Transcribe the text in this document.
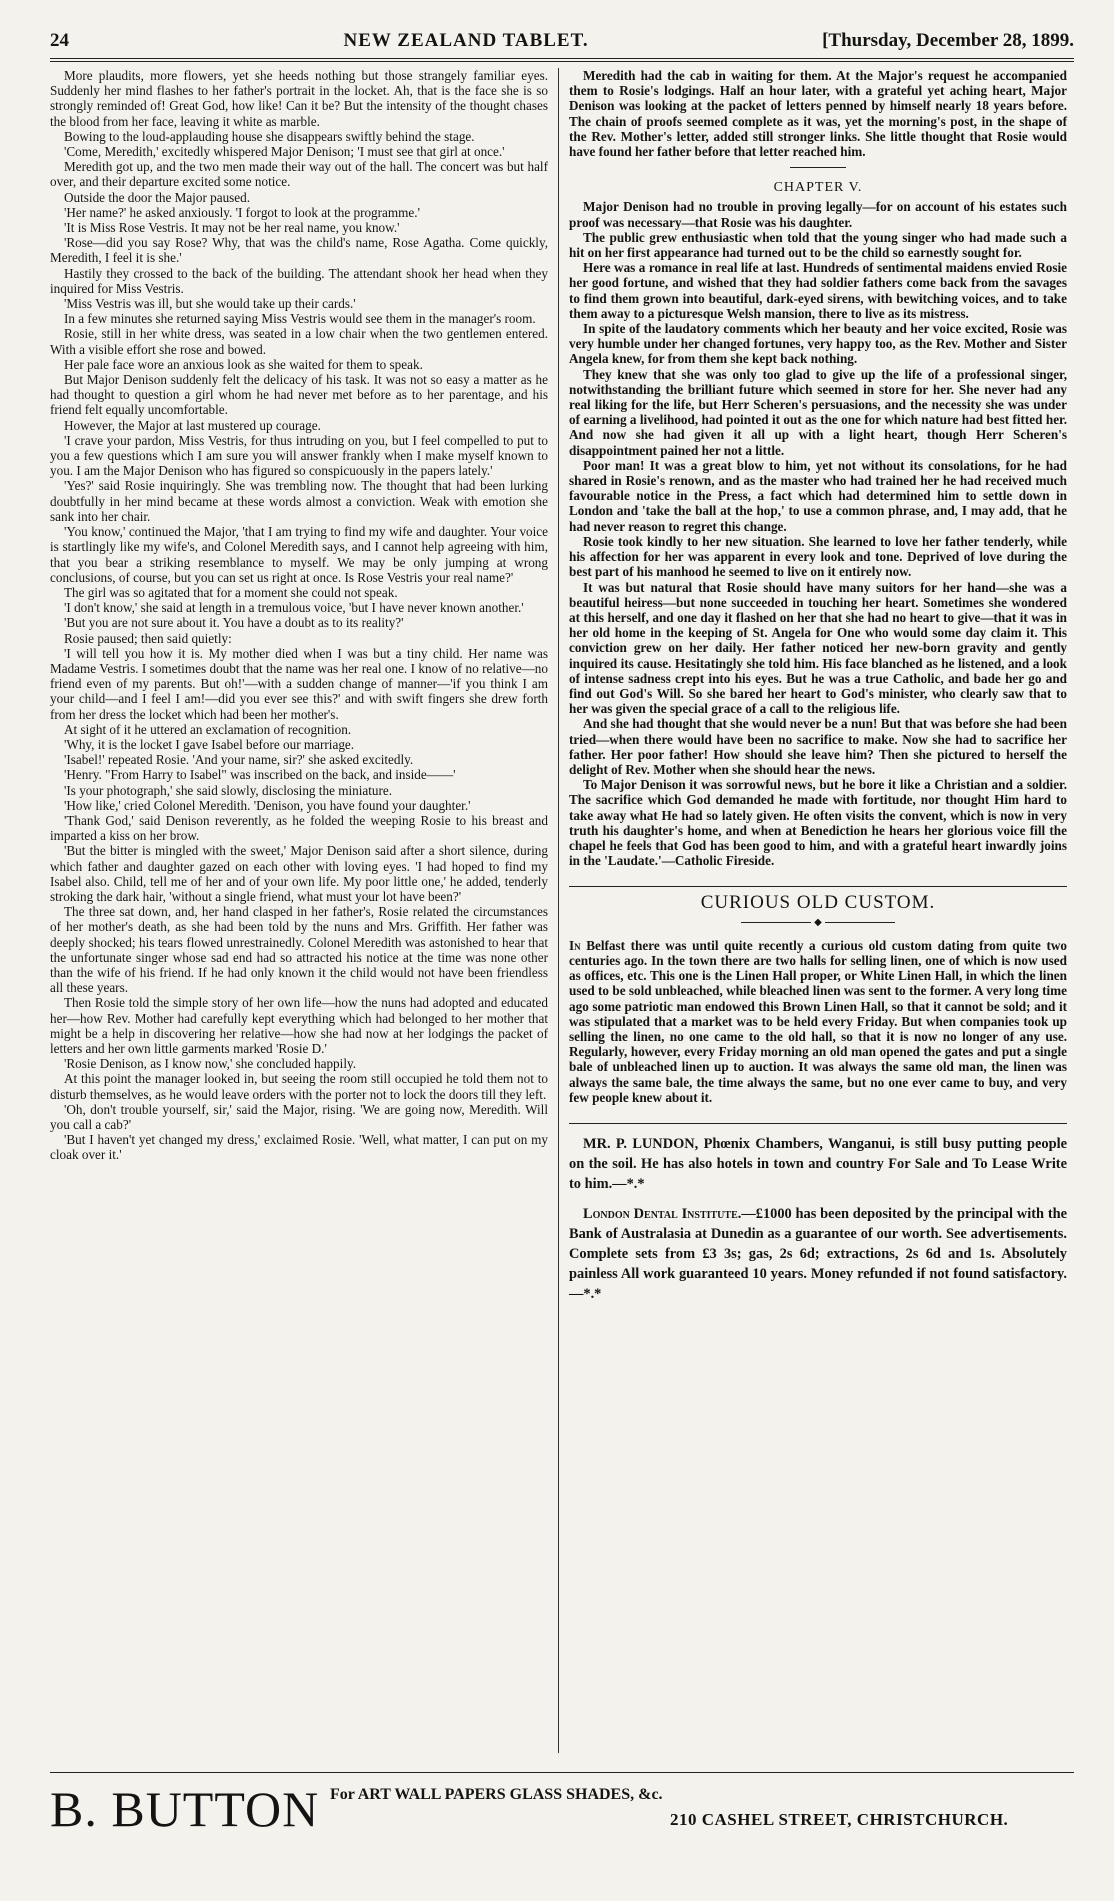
24	NEW ZEALAND TABLET.	[Thursday, December 28, 1899.

More plaudits, more flowers, yet she heeds nothing but those strangely familiar eyes. Suddenly her mind flashes to her father's portrait in the locket. Ah, that is the face she is so strongly reminded of! Great God, how like! Can it be? But the intensity of the thought chases the blood from her face, leaving it white as marble.

Bowing to the loud-applauding house she disappears swiftly behind the stage.

'Come, Meredith,' excitedly whispered Major Denison; 'I must see that girl at once.'

Meredith got up, and the two men made their way out of the hall. The concert was but half over, and their departure excited some notice.

Outside the door the Major paused.

'Her name?' he asked anxiously. 'I forgot to look at the programme.'

'It is Miss Rose Vestris. It may not be her real name, you know.'

'Rose—did you say Rose? Why, that was the child's name, Rose Agatha. Come quickly, Meredith, I feel it is she.'

Hastily they crossed to the back of the building. The attendant shook her head when they inquired for Miss Vestris.

'Miss Vestris was ill, but she would take up their cards.'

In a few minutes she returned saying Miss Vestris would see them in the manager's room.

Rosie, still in her white dress, was seated in a low chair when the two gentlemen entered. With a visible effort she rose and bowed.

Her pale face wore an anxious look as she waited for them to speak.

But Major Denison suddenly felt the delicacy of his task. It was not so easy a matter as he had thought to question a girl whom he had never met before as to her parentage, and his friend felt equally uncomfortable.

However, the Major at last mustered up courage.

'I crave your pardon, Miss Vestris, for thus intruding on you, but I feel compelled to put to you a few questions which I am sure you will answer frankly when I make myself known to you. I am the Major Denison who has figured so conspicuously in the papers lately.'

'Yes?' said Rosie inquiringly. She was trembling now. The thought that had been lurking doubtfully in her mind became at these words almost a conviction. Weak with emotion she sank into her chair.

'You know,' continued the Major, 'that I am trying to find my wife and daughter. Your voice is startlingly like my wife's, and Colonel Meredith says, and I cannot help agreeing with him, that you bear a striking resemblance to myself. We may be only jumping at wrong conclusions, of course, but you can set us right at once. Is Rose Vestris your real name?'

The girl was so agitated that for a moment she could not speak.

'I don't know,' she said at length in a tremulous voice, 'but I have never known another.'

'But you are not sure about it. You have a doubt as to its reality?'

Rosie paused; then said quietly:

'I will tell you how it is. My mother died when I was but a tiny child. Her name was Madame Vestris. I sometimes doubt that the name was her real one. I know of no relative—no friend even of my parents. But oh!'—with a sudden change of manner—'if you think I am your child—and I feel I am!—did you ever see this?' and with swift fingers she drew forth from her dress the locket which had been her mother's.

At sight of it he uttered an exclamation of recognition.

'Why, it is the locket I gave Isabel before our marriage.

'Isabel!' repeated Rosie. 'And your name, sir?' she asked excitedly.

'Henry. "From Harry to Isabel" was inscribed on the back, and inside——'

'Is your photograph,' she said slowly, disclosing the miniature.

'How like,' cried Colonel Meredith. 'Denison, you have found your daughter.'

'Thank God,' said Denison reverently, as he folded the weeping Rosie to his breast and imparted a kiss on her brow.

'But the bitter is mingled with the sweet,' Major Denison said after a short silence, during which father and daughter gazed on each other with loving eyes. 'I had hoped to find my Isabel also. Child, tell me of her and of your own life. My poor little one,' he added, tenderly stroking the dark hair, 'without a single friend, what must your lot have been?'

The three sat down, and, her hand clasped in her father's, Rosie related the circumstances of her mother's death, as she had been told by the nuns and Mrs. Griffith. Her father was deeply shocked; his tears flowed unrestrainedly. Colonel Meredith was astonished to hear that the unfortunate singer whose sad end had so attracted his notice at the time was none other than the wife of his friend. If he had only known it the child would not have been friendless all these years.

Then Rosie told the simple story of her own life—how the nuns had adopted and educated her—how Rev. Mother had carefully kept everything which had belonged to her mother that might be a help in discovering her relative—how she had now at her lodgings the packet of letters and her own little garments marked 'Rosie D.'

'Rosie Denison, as I know now,' she concluded happily.

At this point the manager looked in, but seeing the room still occupied he told them not to disturb themselves, as he would leave orders with the porter not to lock the doors till they left.

'Oh, don't trouble yourself, sir,' said the Major, rising. 'We are going now, Meredith. Will you call a cab?'

'But I haven't yet changed my dress,' exclaimed Rosie. 'Well, what matter, I can put on my cloak over it.'

Meredith had the cab in waiting for them. At the Major's request he accompanied them to Rosie's lodgings. Half an hour later, with a grateful yet aching heart, Major Denison was looking at the packet of letters penned by himself nearly 18 years before. The chain of proofs seemed complete as it was, yet the morning's post, in the shape of the Rev. Mother's letter, added still stronger links. She little thought that Rosie would have found her father before that letter reached him.

CHAPTER V.

Major Denison had no trouble in proving legally—for on account of his estates such proof was necessary—that Rosie was his daughter.

The public grew enthusiastic when told that the young singer who had made such a hit on her first appearance had turned out to be the child so earnestly sought for.

Here was a romance in real life at last. Hundreds of sentimental maidens envied Rosie her good fortune, and wished that they had soldier fathers come back from the savages to find them grown into beautiful, dark-eyed sirens, with bewitching voices, and to take them away to a picturesque Welsh mansion, there to live as its mistress.

In spite of the laudatory comments which her beauty and her voice excited, Rosie was very humble under her changed fortunes, very happy too, as the Rev. Mother and Sister Angela knew, for from them she kept back nothing.

They knew that she was only too glad to give up the life of a professional singer, notwithstanding the brilliant future which seemed in store for her. She never had any real liking for the life, but Herr Scheren's persuasions, and the necessity she was under of earning a livelihood, had pointed it out as the one for which nature had best fitted her. And now she had given it all up with a light heart, though Herr Scheren's disappointment pained her not a little.

Poor man! It was a great blow to him, yet not without its consolations, for he had shared in Rosie's renown, and as the master who had trained her he had received much favourable notice in the Press, a fact which had determined him to settle down in London and 'take the ball at the hop,' to use a common phrase, and, I may add, that he had never reason to regret this change.

Rosie took kindly to her new situation. She learned to love her father tenderly, while his affection for her was apparent in every look and tone. Deprived of love during the best part of his manhood he seemed to live on it entirely now.

It was but natural that Rosie should have many suitors for her hand—she was a beautiful heiress—but none succeeded in touching her heart. Sometimes she wondered at this herself, and one day it flashed on her that she had no heart to give—that it was in her old home in the keeping of St. Angela for One who would some day claim it. This conviction grew on her daily. Her father noticed her new-born gravity and gently inquired its cause. Hesitatingly she told him. His face blanched as he listened, and a look of intense sadness crept into his eyes. But he was a true Catholic, and bade her go and find out God's Will. So she bared her heart to God's minister, who clearly saw that to her was given the special grace of a call to the religious life.

And she had thought that she would never be a nun! But that was before she had been tried—when there would have been no sacrifice to make. Now she had to sacrifice her father. Her poor father! How should she leave him? Then she pictured to herself the delight of Rev. Mother when she should hear the news.

To Major Denison it was sorrowful news, but he bore it like a Christian and a soldier. The sacrifice which God demanded he made with fortitude, nor thought Him hard to take away what He had so lately given. He often visits the convent, which is now in very truth his daughter's home, and when at Benediction he hears her glorious voice fill the chapel he feels that God has been good to him, and with a grateful heart inwardly joins in the 'Laudate.'—Catholic Fireside.

CURIOUS OLD CUSTOM.
◆

In Belfast there was until quite recently a curious old custom dating from quite two centuries ago. In the town there are two halls for selling linen, one of which is now used as offices, etc. This one is the Linen Hall proper, or White Linen Hall, in which the linen used to be sold unbleached, while bleached linen was sent to the former. A very long time ago some patriotic man endowed this Brown Linen Hall, so that it cannot be sold; and it was stipulated that a market was to be held every Friday. But when companies took up selling the linen, no one came to the old hall, so that it is now no longer of any use. Regularly, however, every Friday morning an old man opened the gates and put a single bale of unbleached linen up to auction. It was always the same old man, the linen was always the same bale, the time always the same, but no one ever came to buy, and very few people knew about it.

MR. P. LUNDON, Phœnix Chambers, Wanganui, is still busy putting people on the soil. He has also hotels in town and country For Sale and To Lease Write to him.—*.*

London Dental Institute.—£1000 has been deposited by the principal with the Bank of Australasia at Dunedin as a guarantee of our worth. See advertisements. Complete sets from £3 3s; gas, 2s 6d; extractions, 2s 6d and 1s. Absolutely painless All work guaranteed 10 years. Money refunded if not found satisfactory.—*.*

B. BUTTON For ART WALL PAPERS GLASS SHADES, &c.
210 CASHEL STREET, CHRISTCHURCH.
